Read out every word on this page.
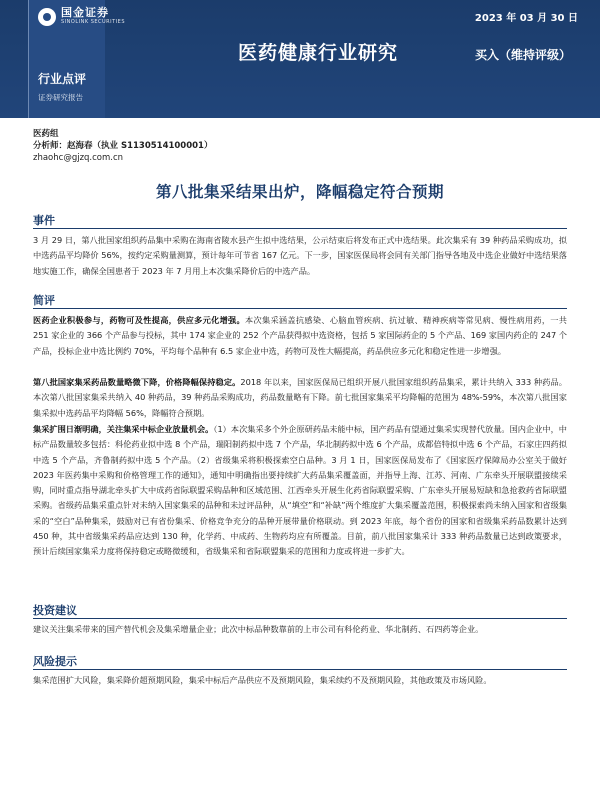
国金证券
SINOLINK SECURITIES	2023 年 03 月 30 日
医药健康行业研究	买入（维持评级）
行业点评
证券研究报告
医药组
分析师：赵海春（执业 S1130514100001）
zhaohc@gjzq.com.cn
第八批集采结果出炉，降幅稳定符合预期
事件
3 月 29 日，第八批国家组织药品集中采购在海南省陵水县产生拟中选结果，公示结束后将发布正式中选结果。此次集采有 39 种药品采购成功，拟中选药品平均降价 56%，按约定采购量测算，预计每年可节省 167 亿元。下一步，国家医保局将会同有关部门指导各地及中选企业做好中选结果落地实施工作，确保全国患者于 2023 年 7 月用上本次集采降价后的中选产品。
简评
医药企业积极参与，药物可及性提高，供应多元化增强。本次集采涵盖抗感染、心脑血管疾病、抗过敏、精神疾病等常见病、慢性病用药，一共 251 家企业的 366 个产品参与投标，其中 174 家企业的 252 个产品获得拟中选资格，包括 5 家国际药企的 5 个产品、169 家国内药企的 247 个产品，投标企业中选比例约 70%，平均每个品种有 6.5 家企业中选，药物可及性大幅提高，药品供应多元化和稳定性进一步增强。
第八批国家集采药品数量略微下降，价格降幅保持稳定。2018 年以来，国家医保局已组织开展八批国家组织药品集采，累计共纳入 333 种药品。本次第八批国家集采共纳入 40 种药品，39 种药品采购成功，药品数量略有下降。前七批国家集采平均降幅的范围为 48%-59%，本次第八批国家集采拟中选药品平均降幅 56%，降幅符合预期。
集采扩围日渐明确，关注集采中标企业放量机会。（1）本次集采多个外企原研药品未能中标，国产药品有望通过集采实现替代放量。国内企业中，中标产品数量较多包括：科伦药业拟中选 8 个产品，瑞阳制药拟中选 7 个产品，华北制药拟中选 6 个产品，成都倍特拟中选 6 个产品，石家庄四药拟中选 5 个产品，齐鲁制药拟中选 5 个产品。（2）省级集采将积极探索空白品种。3 月 1 日，国家医保局发布了《国家医疗保障局办公室关于做好 2023 年医药集中采购和价格管理工作的通知》，通知中明确指出要持续扩大药品集采覆盖面，并指导上海、江苏、河南、广东牵头开展联盟接续采购，同时重点指导湖北牵头扩大中成药省际联盟采购品种和区域范围、江西牵头开展生化药省际联盟采购、广东牵头开展易短缺和急抢救药省际联盟采购。省级药品集采重点针对未纳入国家集采的品种和未过评品种，从“填空”和“补缺”两个维度扩大集采覆盖范围，积极探索尚未纳入国家和省级集采的“空白”品种集采，鼓励对已有省份集采、价格竞争充分的品种开展带量价格联动。到 2023 年底，每个省份的国家和省级集采药品数累计达到 450 种，其中省级集采药品应达到 130 种，化学药、中成药、生物药均应有所覆盖。目前，前八批国家集采计 333 种药品数量已达到政策要求，预计后续国家集采力度将保持稳定或略微缓和，省级集采和省际联盟集采的范围和力度或将进一步扩大。
投资建议
建议关注集采带来的国产替代机会及集采增量企业；此次中标品种数靠前的上市公司有科伦药业、华北制药、石四药等企业。
风险提示
集采范围扩大风险，集采降价超预期风险，集采中标后产品供应不及预期风险，集采续约不及预期风险，其他政策及市场风险。
